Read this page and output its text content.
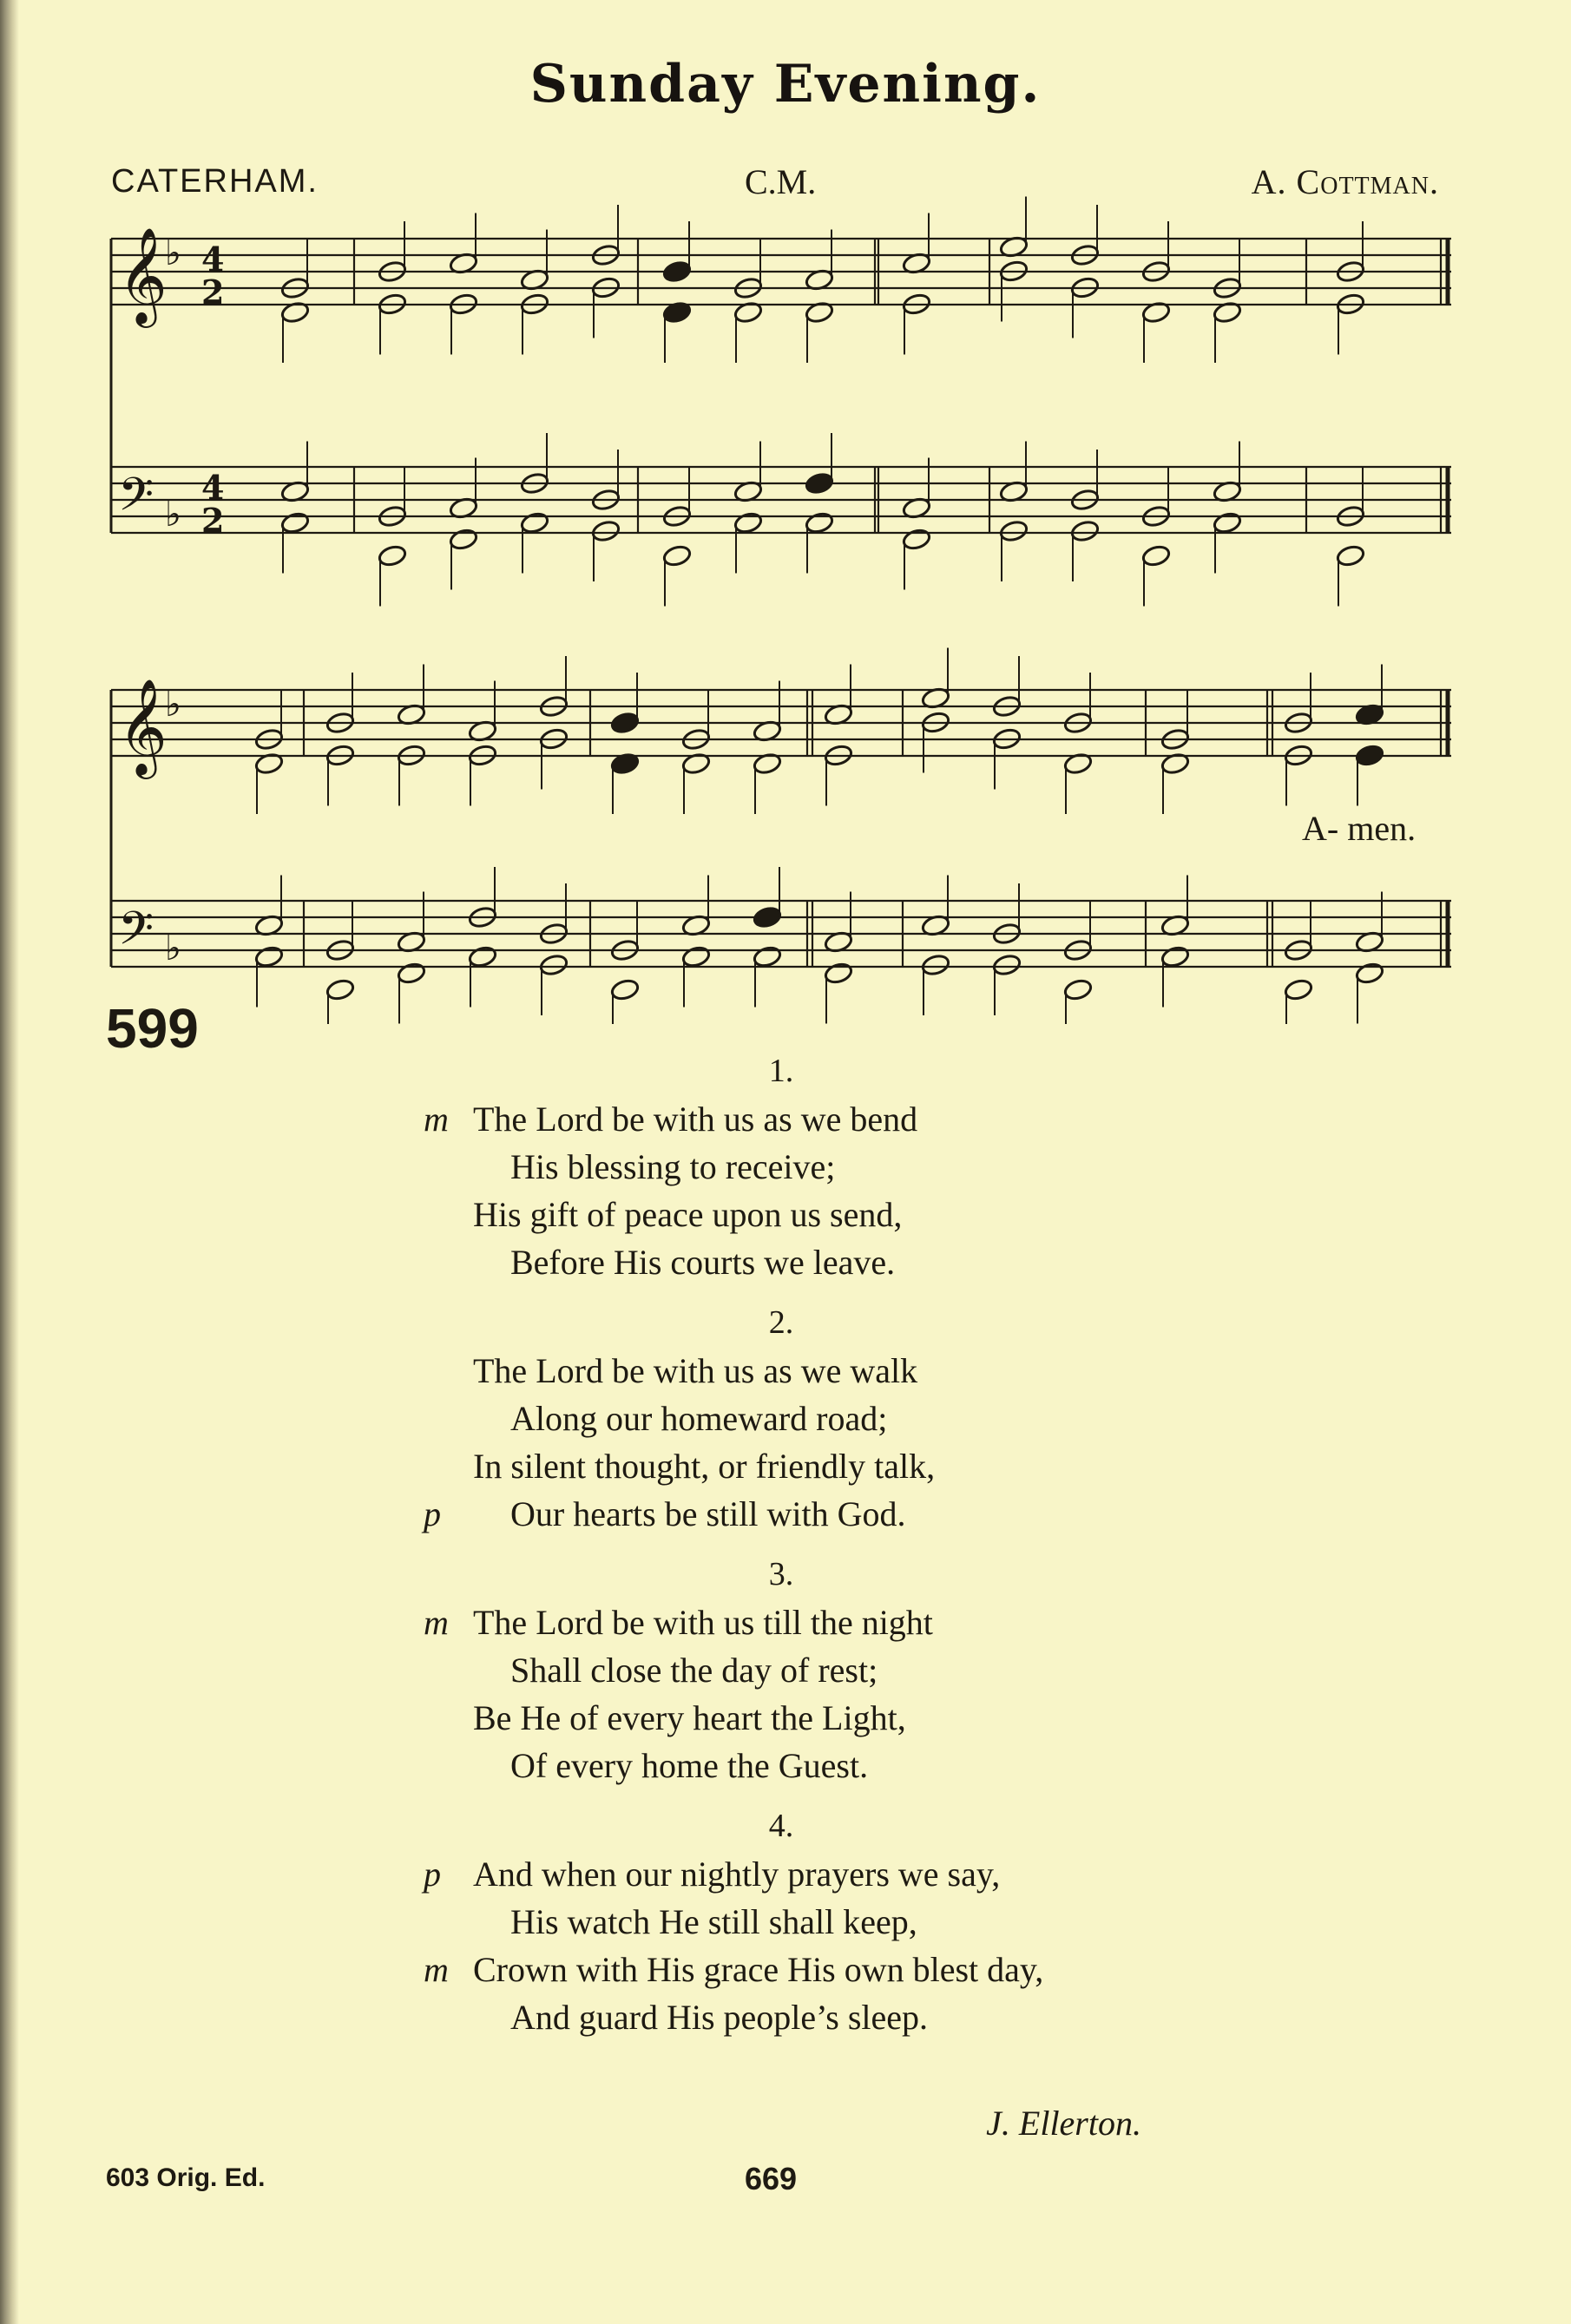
Sunday Evening.
CATERHAM.	C.M.	A. Cottman.
𝄞
𝄢
𝄞
𝄢
♭
♭
♭
♭
4
2
4
2
A- men.
599
1.
m The Lord be with us as we bend
His blessing to receive;
His gift of peace upon us send,
Before His courts we leave.
2.
The Lord be with us as we walk
Along our homeward road;
In silent thought, or friendly talk,
p Our hearts be still with God.
3.
m The Lord be with us till the night
Shall close the day of rest;
Be He of every heart the Light,
Of every home the Guest.
4.
p And when our nightly prayers we say,
His watch He still shall keep,
m Crown with His grace His own blest day,
And guard His people’s sleep.
J. Ellerton.
603 Orig. Ed.	669
